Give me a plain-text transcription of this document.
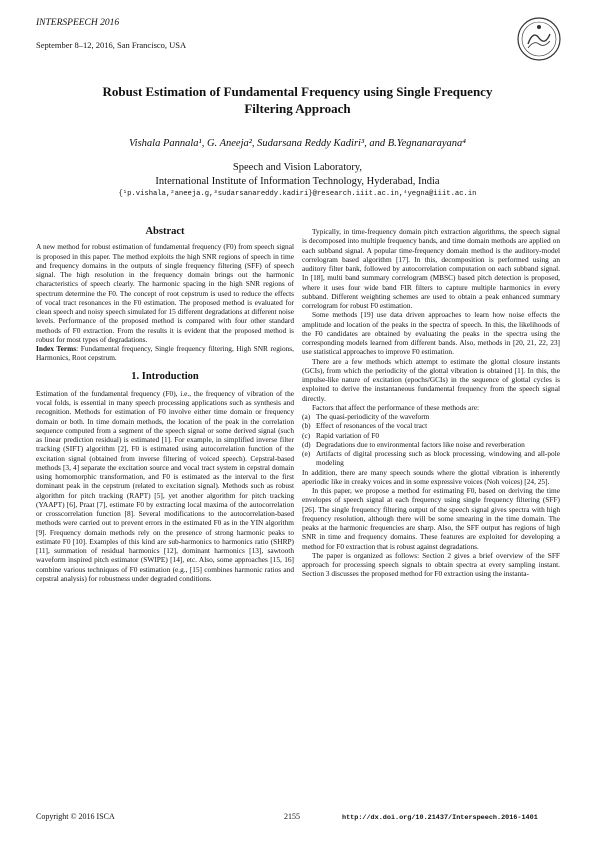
INTERSPEECH 2016
September 8–12, 2016, San Francisco, USA
Robust Estimation of Fundamental Frequency using Single Frequency
Filtering Approach
Vishala Pannala¹, G. Aneeja², Sudarsana Reddy Kadiri³, and B.Yegnanarayana⁴
Speech and Vision Laboratory,
International Institute of Information Technology, Hyderabad, India
{¹p.vishala,²aneeja.g,³sudarsanareddy.kadiri}@research.iiit.ac.in,⁴yegna@iiit.ac.in
Abstract

A new method for robust estimation of fundamental frequency (F0) from speech signal is proposed in this paper. The method exploits the high SNR regions of speech in time and frequency domains in the outputs of single frequency filtering (SFF) of speech signal. The high resolution in the frequency domain brings out the harmonic characteristics of speech clearly. The harmonic spacing in the high SNR regions of spectrum determine the F0. The concept of root cepstrum is used to reduce the effects of vocal tract resonances in the F0 estimation. The proposed method is evaluated for clean speech and noisy speech simulated for 15 different degradations at different noise levels. Performance of the proposed method is compared with four other standard methods of F0 extraction. From the results it is evident that the proposed method is robust for most types of degradations.

Index Terms: Fundamental frequency, Single frequency filtering, High SNR regions, Harmonics, Root cepstrum.

1. Introduction

Estimation of the fundamental frequency (F0), i.e., the frequency of vibration of the vocal folds, is essential in many speech processing applications such as synthesis and recognition. Methods for estimation of F0 involve either time domain or frequency domain or both. In time domain methods, the location of the peak in the correlation sequence computed from a segment of the speech signal or some derived signal (such as linear prediction residual) is estimated [1]. For example, in simplified inverse filter tracking (SIFT) algorithm [2], F0 is estimated using autocorrelation function of the excitation signal (obtained from inverse filtering of voiced speech). Cepstral-based methods [3, 4] separate the excitation source and vocal tract system in cepstral domain using homomorphic transformation, and F0 is estimated as the interval to the first dominant peak in the cepstrum (related to excitation signal). Methods such as robust algorithm for pitch tracking (RAPT) [5], yet another algorithm for pitch tracking (YAAPT) [6], Praat [7], estimate F0 by extracting local maxima of the autocorrelation or crosscorrelation function [8]. Several modifications to the autocorrelation-based methods were carried out to prevent errors in the estimated F0 as in the YIN algorithm [9]. Frequency domain methods rely on the presence of strong harmonic peaks to estimate F0 [10]. Examples of this kind are sub-harmonics to harmonics ratio (SHRP) [11], summation of residual harmonics [12], dominant harmonics [13], sawtooth waveform inspired pitch estimator (SWIPE) [14], etc. Also, some approaches [15, 16] combine various techniques of F0 estimation (e.g., [15] combines harmonic ratios and cepstral analysis) for robustness under degraded conditions.

Typically, in time-frequency domain pitch extraction algorithms, the speech signal is decomposed into multiple frequency bands, and time domain methods are applied on each subband signal. A popular time-frequency domain method is the auditory-model correlogram based algorithm [17]. In this, decomposition is performed using an auditory filter bank, followed by autocorrelation computation on each subband signal. In [18], multi band summary correlogram (MBSC) based pitch detection is proposed, where it uses four wide band FIR filters to capture multiple harmonics in every subband. Different weighting schemes are used to obtain a peak enhanced summary correlogram for robust F0 estimation.

Some methods [19] use data driven approaches to learn how noise effects the amplitude and location of the peaks in the spectra of speech. In this, the likelihoods of the F0 candidates are obtained by evaluating the peaks in the spectra using the corresponding models learned from different bands. Also, methods in [20, 21, 22, 23] use statistical approaches to improve F0 estimation.

There are a few methods which attempt to estimate the glottal closure instants (GCIs), from which the periodicity of the glottal vibration is obtained [1]. In this, the impulse-like nature of excitation (epochs/GCIs) in the sequence of glottal cycles is exploited to derive the instantaneous fundamental frequency from the speech signal directly.

Factors that affect the performance of these methods are:

(a) The quasi-periodicity of the waveform
(b) Effect of resonances of the vocal tract
(c) Rapid variation of F0
(d) Degradations due to environmental factors like noise and reverberation
(e) Artifacts of digital processing such as block processing, windowing and all-pole modeling

In addition, there are many speech sounds where the glottal vibration is inherently aperiodic like in creaky voices and in some expressive voices (Noh voices) [24, 25].

In this paper, we propose a method for estimating F0, based on deriving the time envelopes of speech signal at each frequency using single frequency filtering (SFF) [26]. The single frequency filtering output of the speech signal gives spectra with high frequency resolution, although there will be some smearing in the time domain. The peaks at the harmonic frequencies are sharp. Also, the SFF output has regions of high SNR in time and frequency domains. These features are exploited for developing a method for F0 extraction that is robust against degradations.

The paper is organized as follows: Section 2 gives a brief overview of the SFF approach for processing speech signals to obtain spectra at every sampling instant. Section 3 discusses the proposed method for F0 extraction using the instanta-

Copyright © 2016 ISCA	2155	http://dx.doi.org/10.21437/Interspeech.2016-1401
